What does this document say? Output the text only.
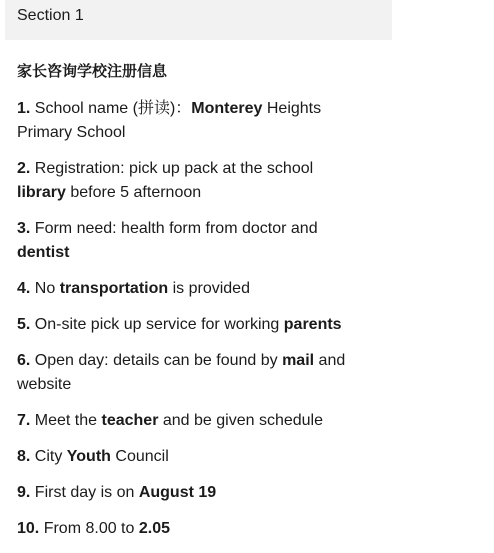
Section 1
家长咨询学校注册信息
1. School name (拼读)：Monterey Heights Primary School
2. Registration: pick up pack at the school library before 5 afternoon
3. Form need: health form from doctor and dentist
4. No transportation is provided
5. On-site pick up service for working parents
6. Open day: details can be found by mail and website
7. Meet the teacher and be given schedule
8. City Youth Council
9. First day is on August 19
10. From 8.00 to 2.05
